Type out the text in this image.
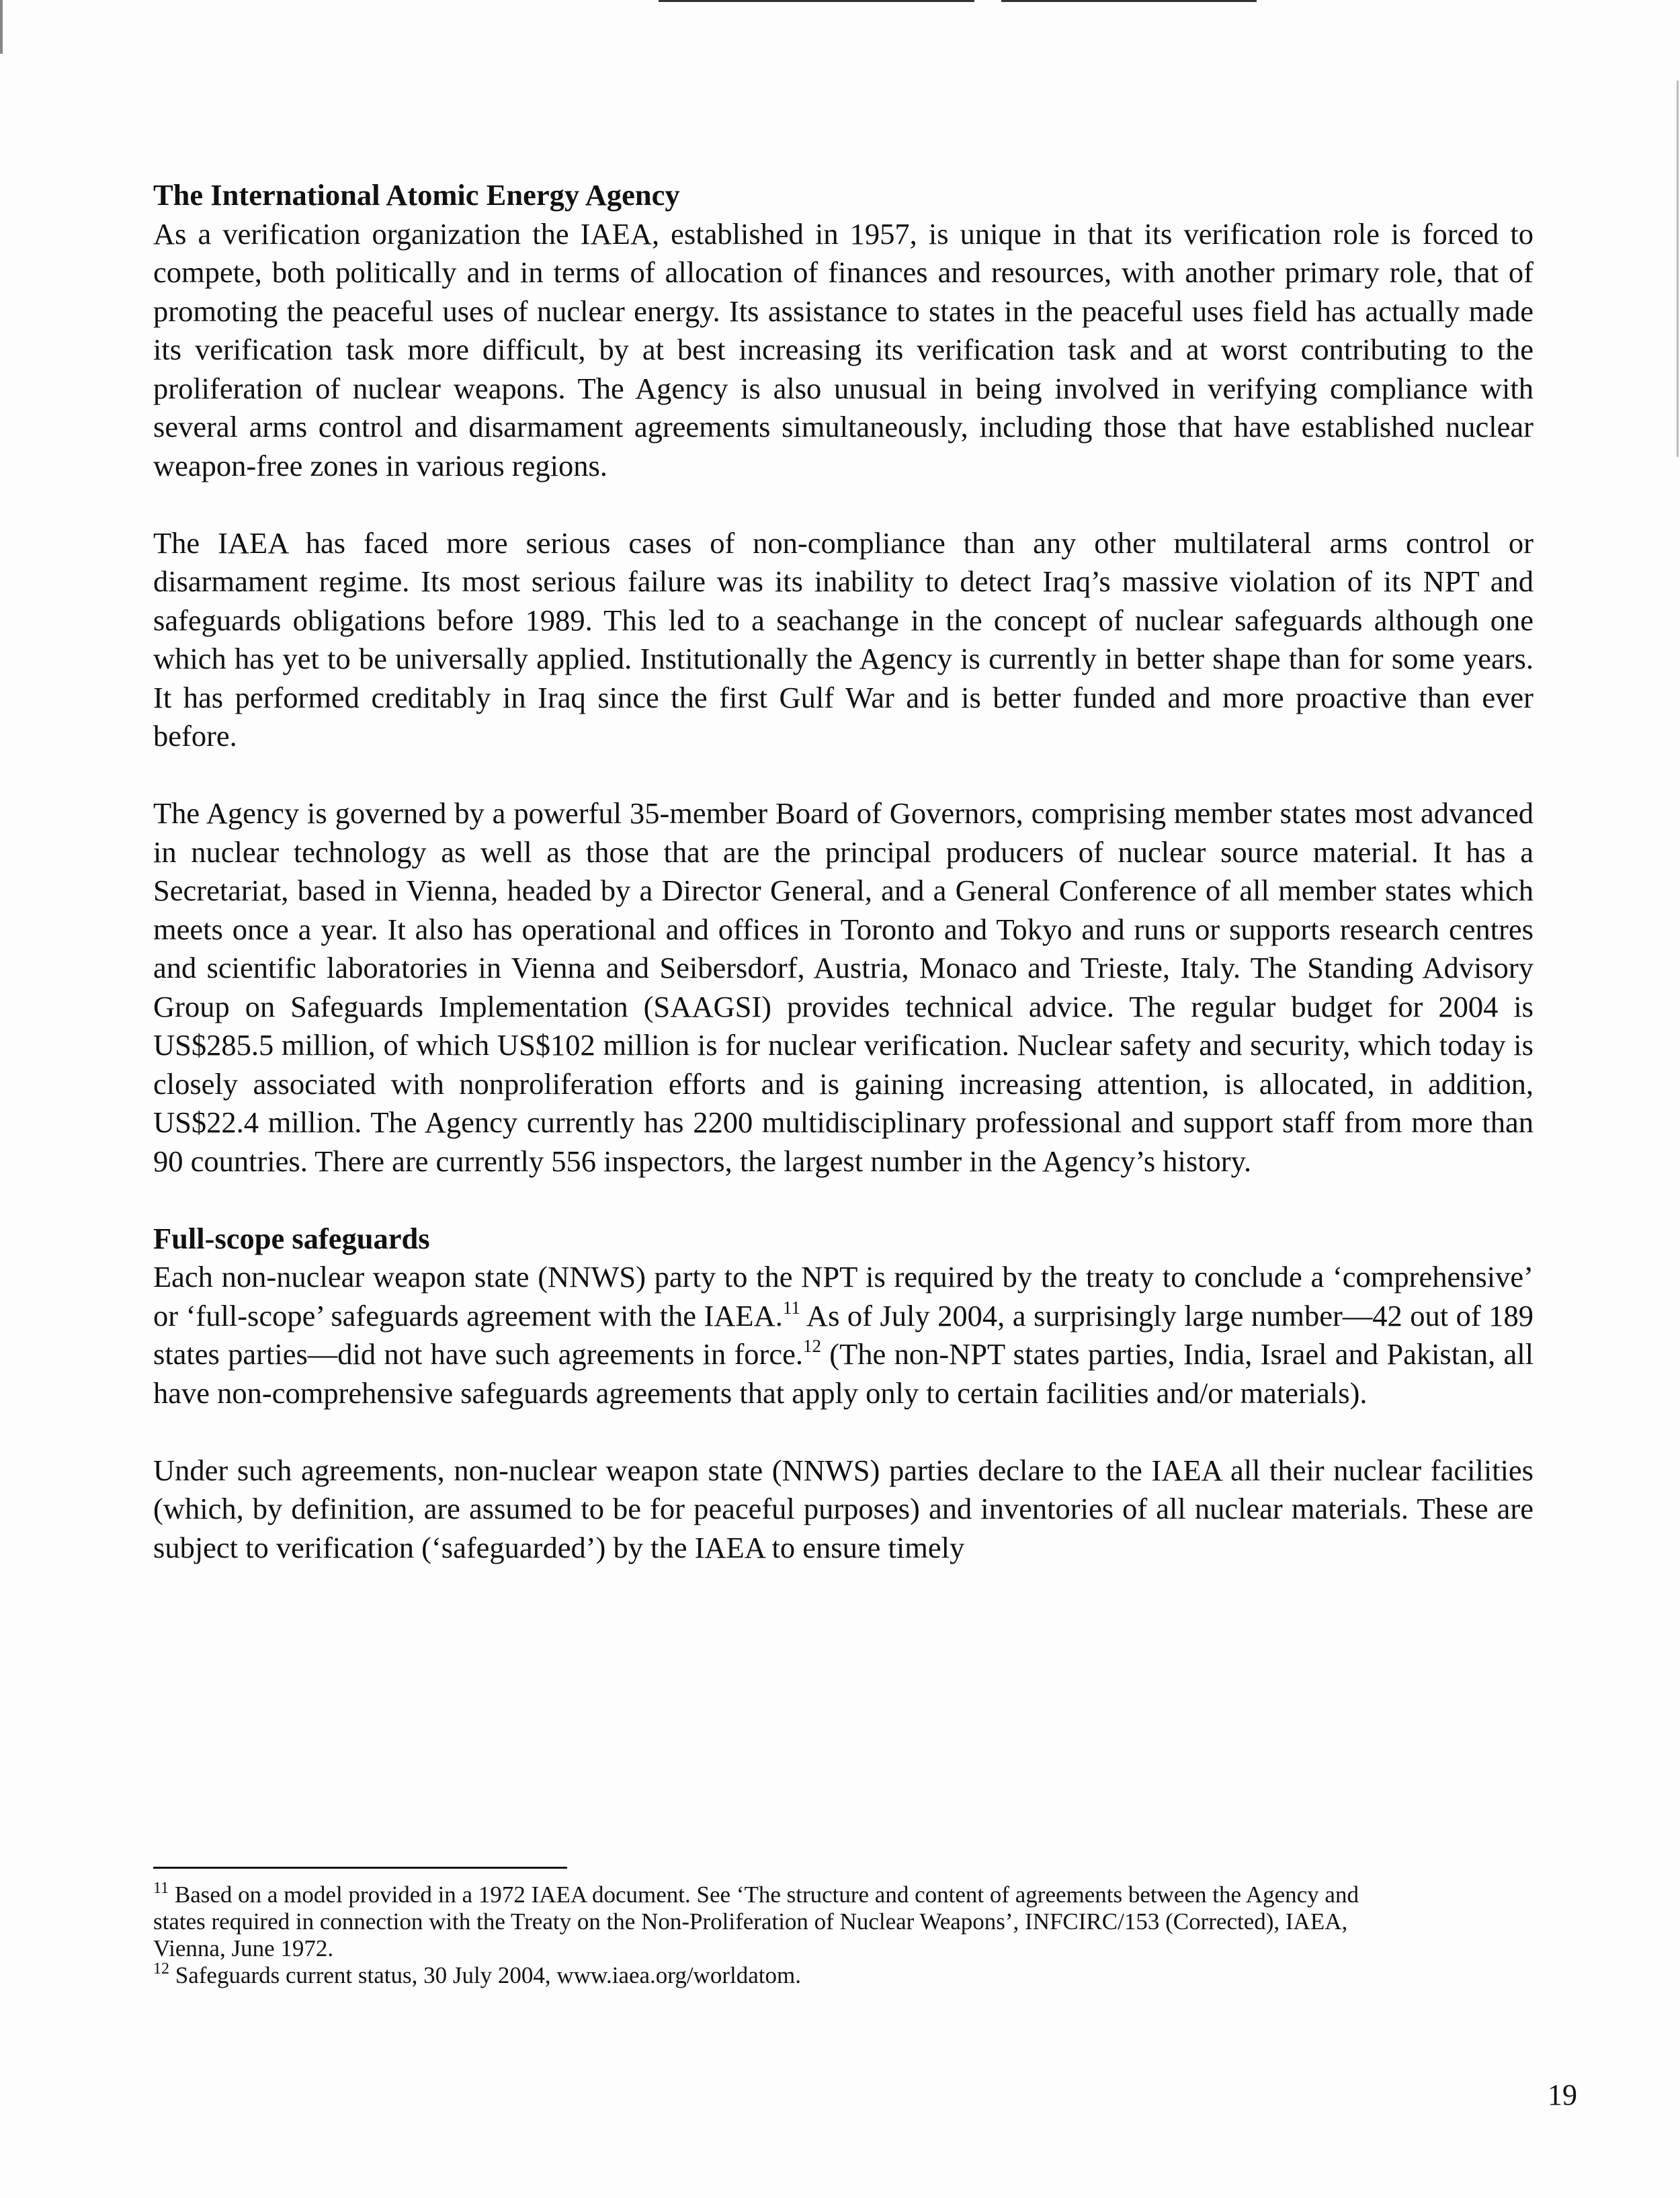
The International Atomic Energy Agency

As a verification organization the IAEA, established in 1957, is unique in that its verification role is forced to compete, both politically and in terms of allocation of finances and resources, with another primary role, that of promoting the peaceful uses of nuclear energy. Its assistance to states in the peaceful uses field has actually made its verification task more difficult, by at best increasing its verification task and at worst contributing to the proliferation of nuclear weapons. The Agency is also unusual in being involved in verifying compliance with several arms control and disarmament agreements simultaneously, including those that have established nuclear weapon-free zones in various regions.

The IAEA has faced more serious cases of non-compliance than any other multilateral arms control or disarmament regime. Its most serious failure was its inability to detect Iraq’s massive violation of its NPT and safeguards obligations before 1989. This led to a seachange in the concept of nuclear safeguards although one which has yet to be universally applied. Institutionally the Agency is currently in better shape than for some years. It has performed creditably in Iraq since the first Gulf War and is better funded and more proactive than ever before.

The Agency is governed by a powerful 35-member Board of Governors, comprising member states most advanced in nuclear technology as well as those that are the principal producers of nuclear source material. It has a Secretariat, based in Vienna, headed by a Director General, and a General Conference of all member states which meets once a year. It also has operational and offices in Toronto and Tokyo and runs or supports research centres and scientific laboratories in Vienna and Seibersdorf, Austria, Monaco and Trieste, Italy. The Standing Advisory Group on Safeguards Implementation (SAAGSI) provides technical advice. The regular budget for 2004 is US$285.5 million, of which US$102 million is for nuclear verification. Nuclear safety and security, which today is closely associated with nonproliferation efforts and is gaining increasing attention, is allocated, in addition, US$22.4 million. The Agency currently has 2200 multidisciplinary professional and support staff from more than 90 countries. There are currently 556 inspectors, the largest number in the Agency’s history.

Full-scope safeguards

Each non-nuclear weapon state (NNWS) party to the NPT is required by the treaty to conclude a ‘comprehensive’ or ‘full-scope’ safeguards agreement with the IAEA.$^{11}$ As of July 2004, a surprisingly large number—42 out of 189 states parties—did not have such agreements in force.$^{12}$ (The non-NPT states parties, India, Israel and Pakistan, all have non-comprehensive safeguards agreements that apply only to certain facilities and/or materials).

Under such agreements, non-nuclear weapon state (NNWS) parties declare to the IAEA all their nuclear facilities (which, by definition, are assumed to be for peaceful purposes) and inventories of all nuclear materials. These are subject to verification (‘safeguarded’) by the IAEA to ensure timely

$^{11}$ Based on a model provided in a 1972 IAEA document. See ‘The structure and content of agreements between the Agency and states required in connection with the Treaty on the Non-Proliferation of Nuclear Weapons’, INFCIRC/153 (Corrected), IAEA, Vienna, June 1972.

$^{12}$ Safeguards current status, 30 July 2004, www.iaea.org/worldatom.

19
